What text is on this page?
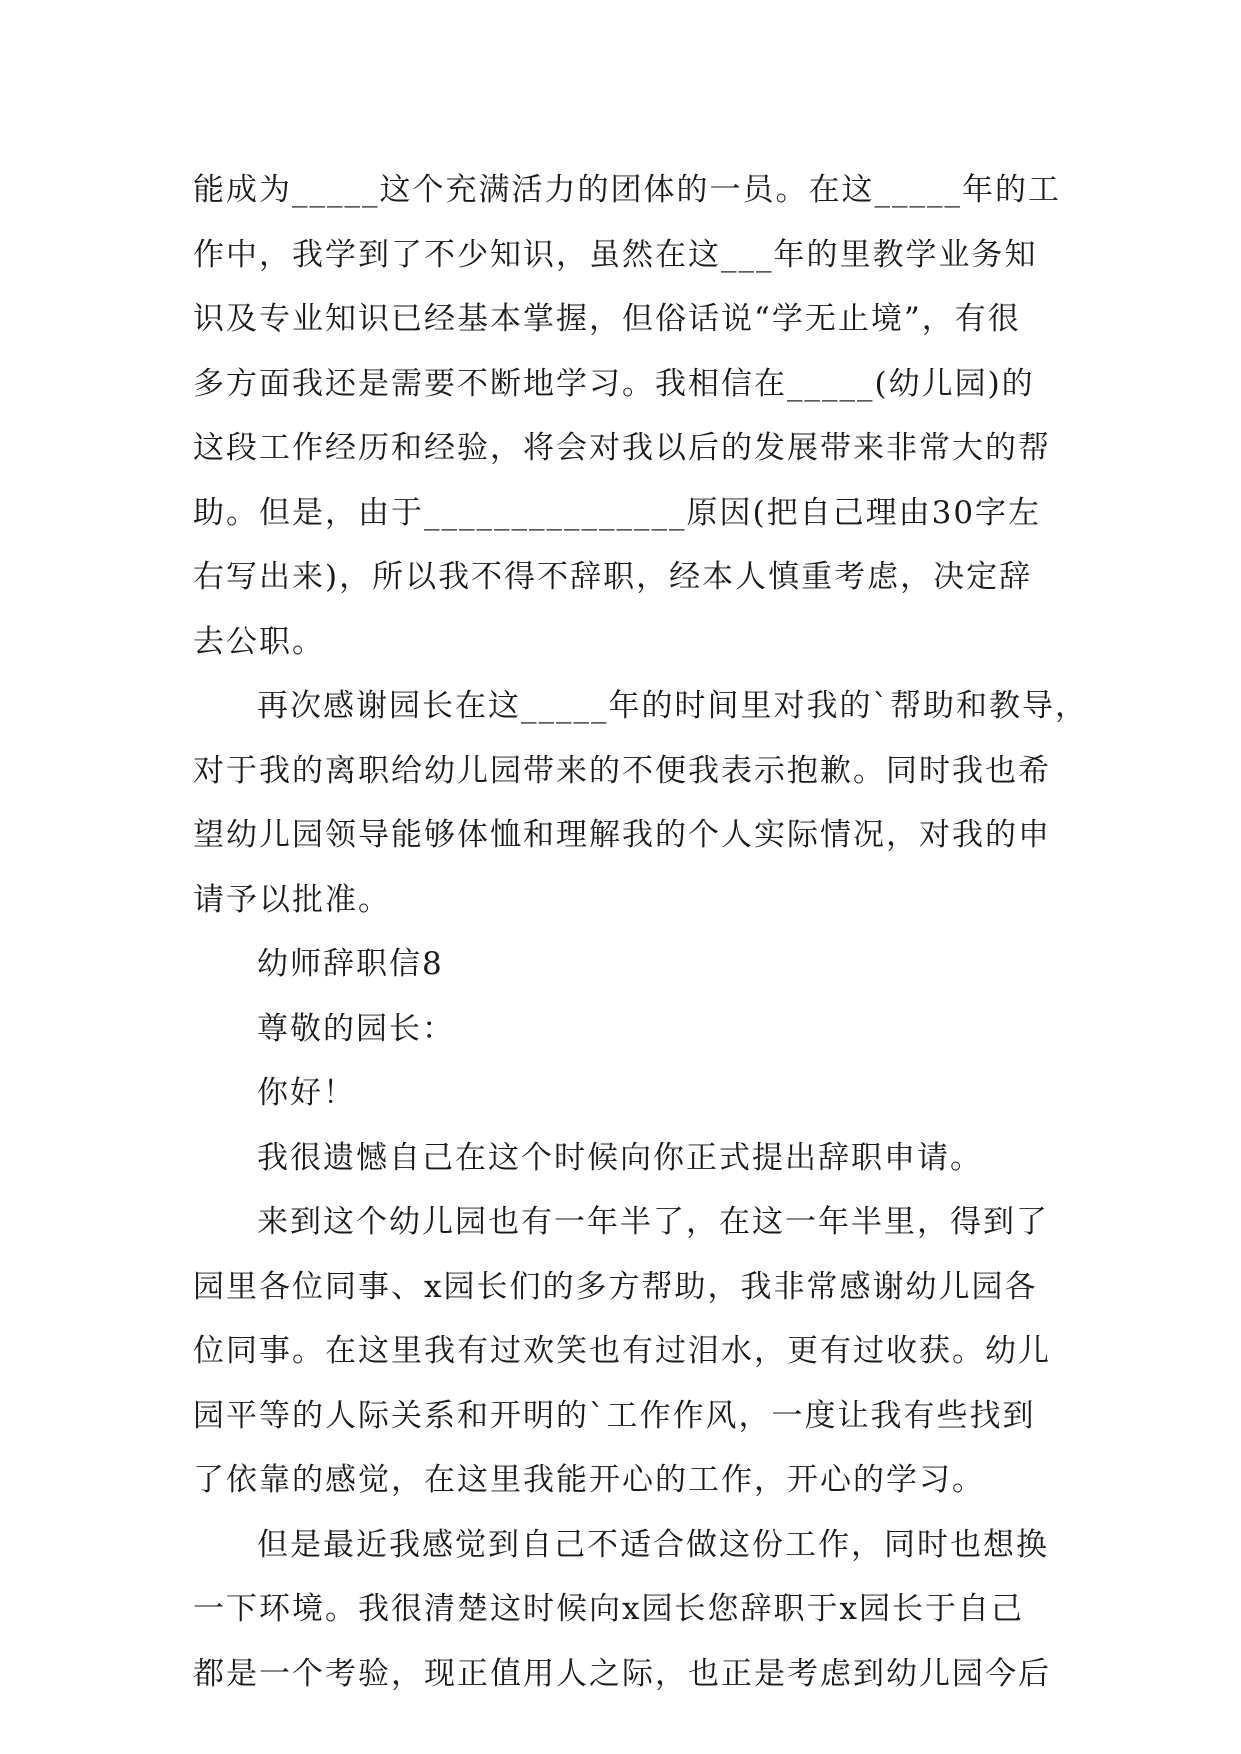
能成为_____这个充满活力的团体的一员。在这_____年的工
作中，我学到了不少知识，虽然在这___年的里教学业务知
识及专业知识已经基本掌握，但俗话说“学无止境”，有很
多方面我还是需要不断地学习。我相信在_____(幼儿园)的
这段工作经历和经验，将会对我以后的发展带来非常大的帮
助。但是，由于_______________原因(把自己理由30字左
右写出来)，所以我不得不辞职，经本人慎重考虑，决定辞
去公职。
再次感谢园长在这_____年的时间里对我的`帮助和教导，
对于我的离职给幼儿园带来的不便我表示抱歉。同时我也希
望幼儿园领导能够体恤和理解我的个人实际情况，对我的申
请予以批准。
幼师辞职信8
尊敬的园长：
你好！
我很遗憾自己在这个时候向你正式提出辞职申请。
来到这个幼儿园也有一年半了，在这一年半里，得到了
园里各位同事、x园长们的多方帮助，我非常感谢幼儿园各
位同事。在这里我有过欢笑也有过泪水，更有过收获。幼儿
园平等的人际关系和开明的`工作作风，一度让我有些找到
了依靠的感觉，在这里我能开心的工作，开心的学习。
但是最近我感觉到自己不适合做这份工作，同时也想换
一下环境。我很清楚这时候向x园长您辞职于x园长于自己
都是一个考验，现正值用人之际，也正是考虑到幼儿园今后
